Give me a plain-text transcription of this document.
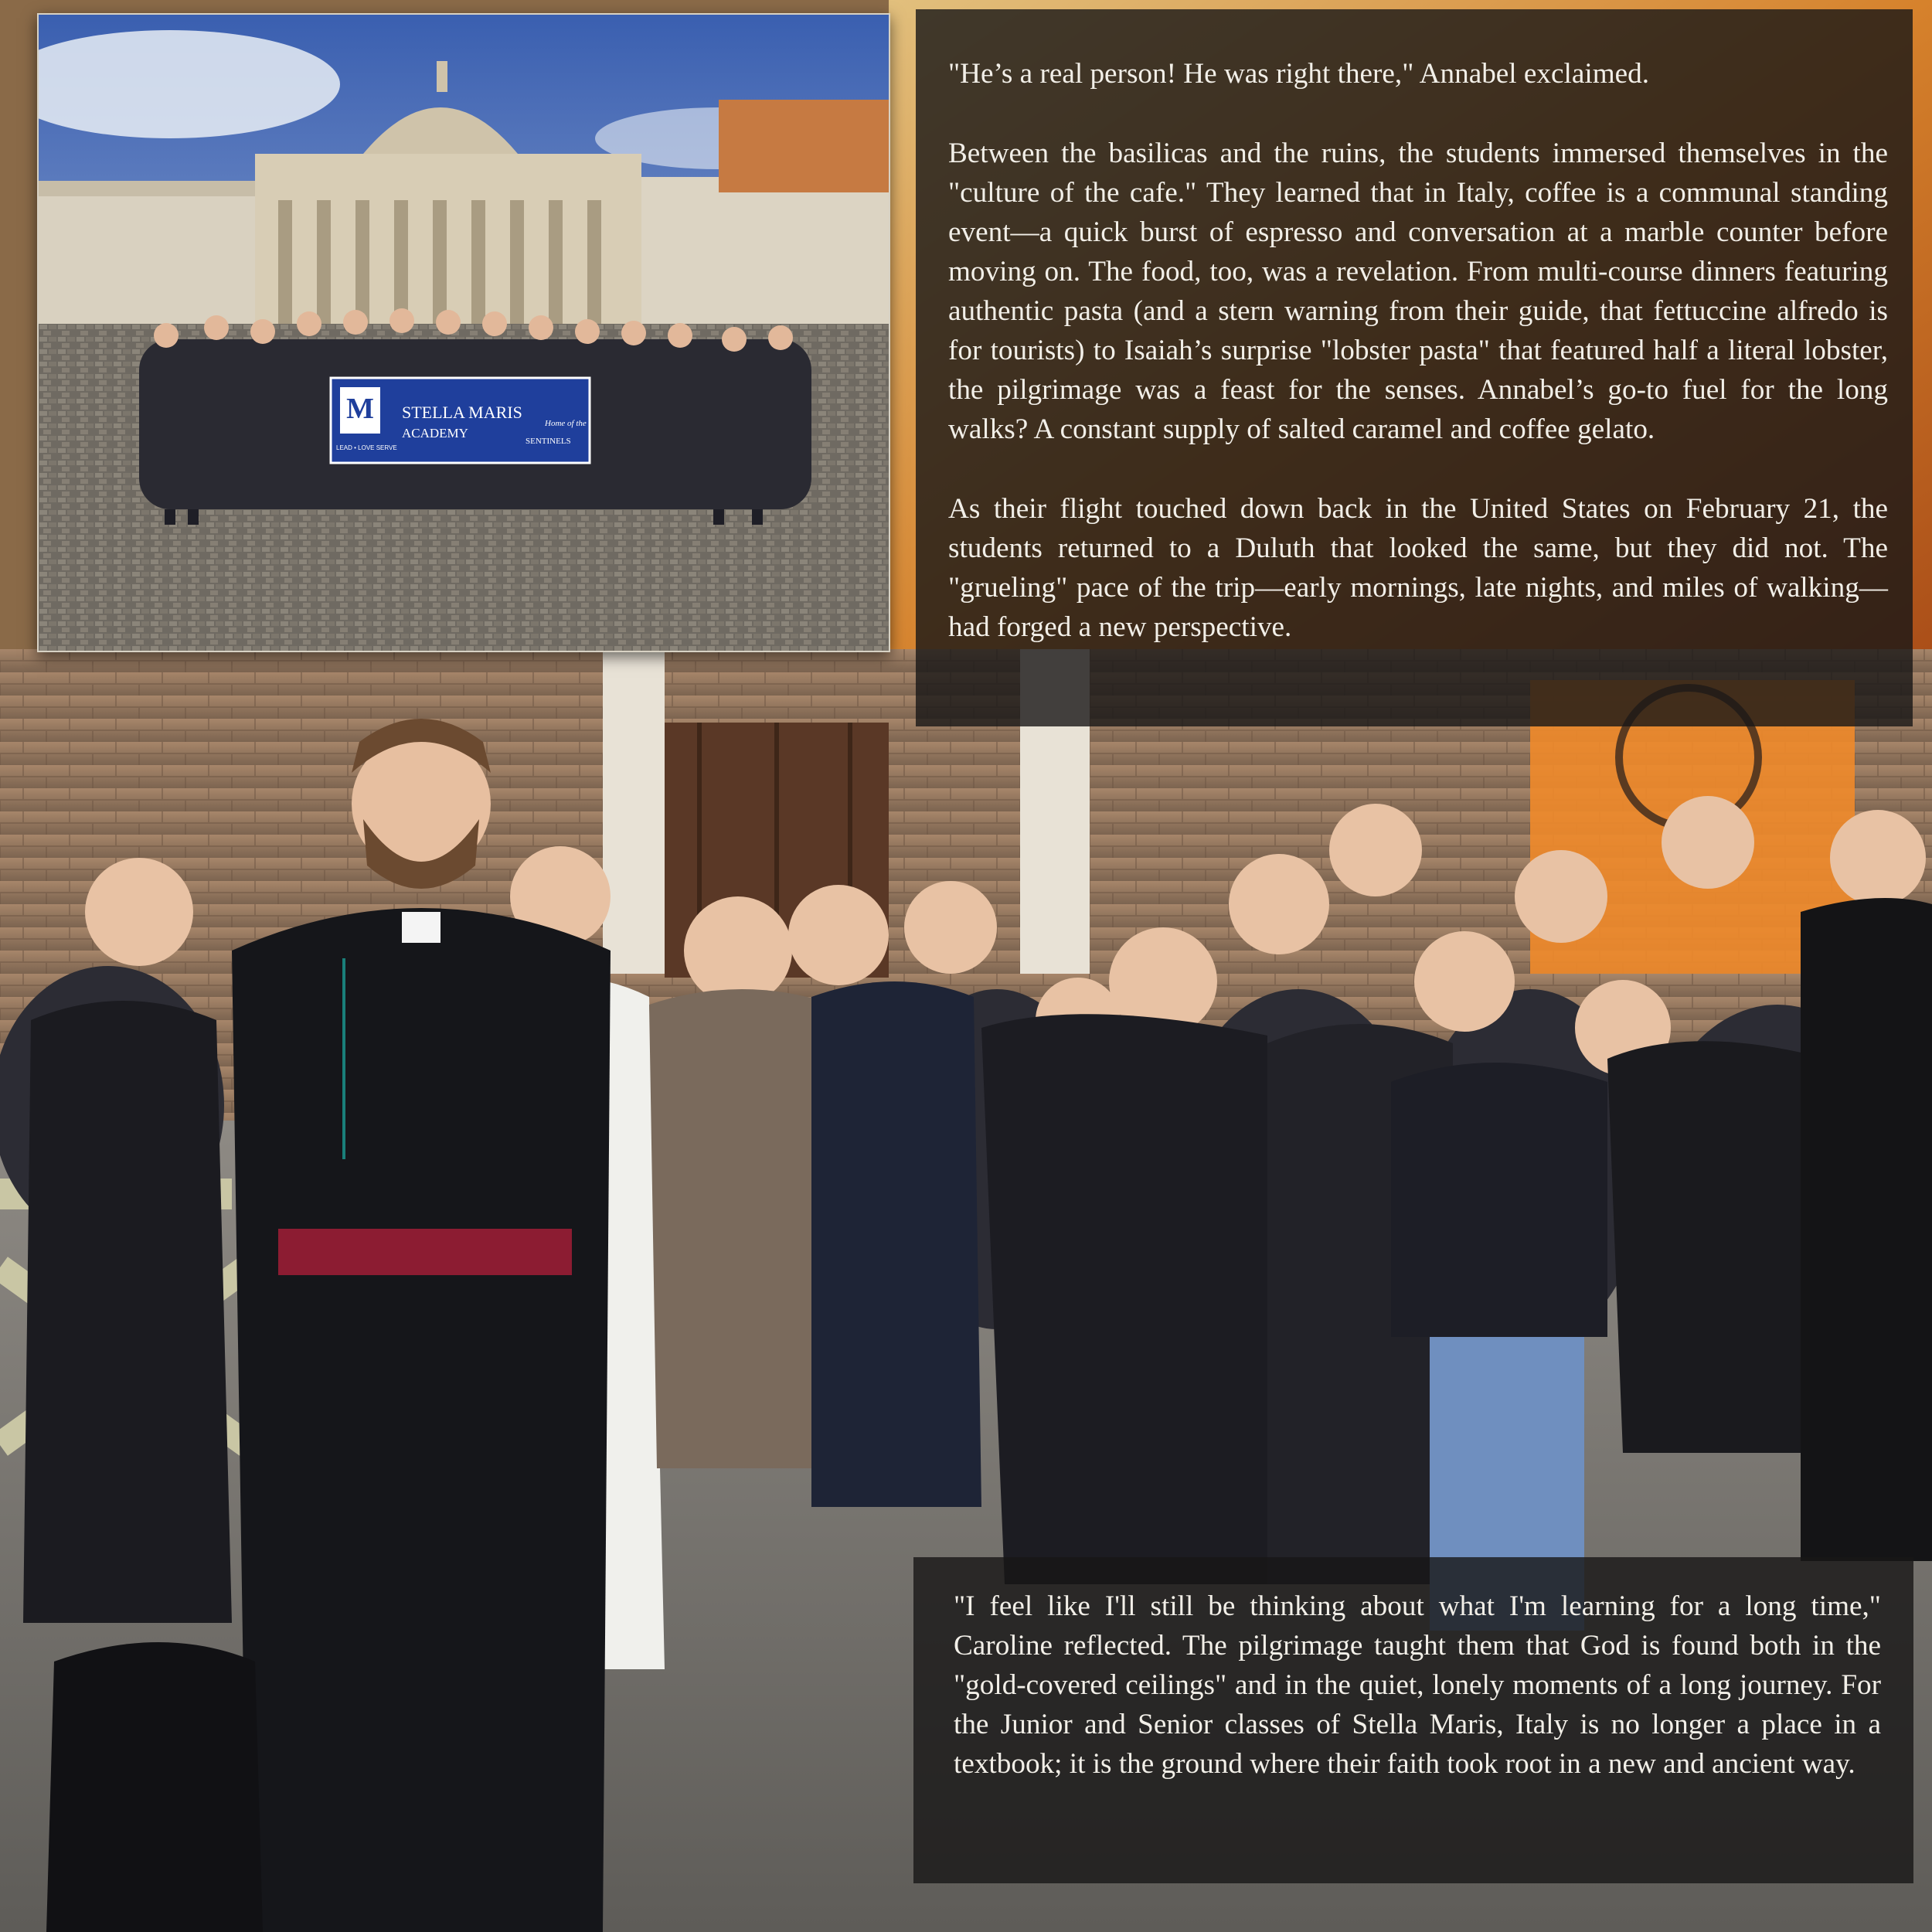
M STELLA MARIS
ACADEMY
LEAD • LOVE SERVE
Home of the
SENTINELS

"He’s a real person! He was right there," Annabel exclaimed.

Between the basilicas and the ruins, the students immersed themselves in the "culture of the cafe." They learned that in Italy, coffee is a communal standing event—a quick burst of espresso and conversation at a marble counter before moving on. The food, too, was a revelation. From multi-course dinners featuring authentic pasta (and a stern warning from their guide, that fettuccine alfredo is for tourists) to Isaiah’s surprise "lobster pasta" that featured half a literal lobster, the pilgrimage was a feast for the senses. Annabel’s go-to fuel for the long walks? A constant supply of salted caramel and coffee gelato.

As their flight touched down back in the United States on February 21, the students returned to a Duluth that looked the same, but they did not. The "grueling" pace of the trip—early mornings, late nights, and miles of walking—had forged a new perspective.

"I feel like I'll still be thinking about what I'm learning for a long time," Caroline reflected. The pilgrimage taught them that God is found both in the "gold-covered ceilings" and in the quiet, lonely moments of a long journey. For the Junior and Senior classes of Stella Maris, Italy is no longer a place in a textbook; it is the ground where their faith took root in a new and ancient way.
